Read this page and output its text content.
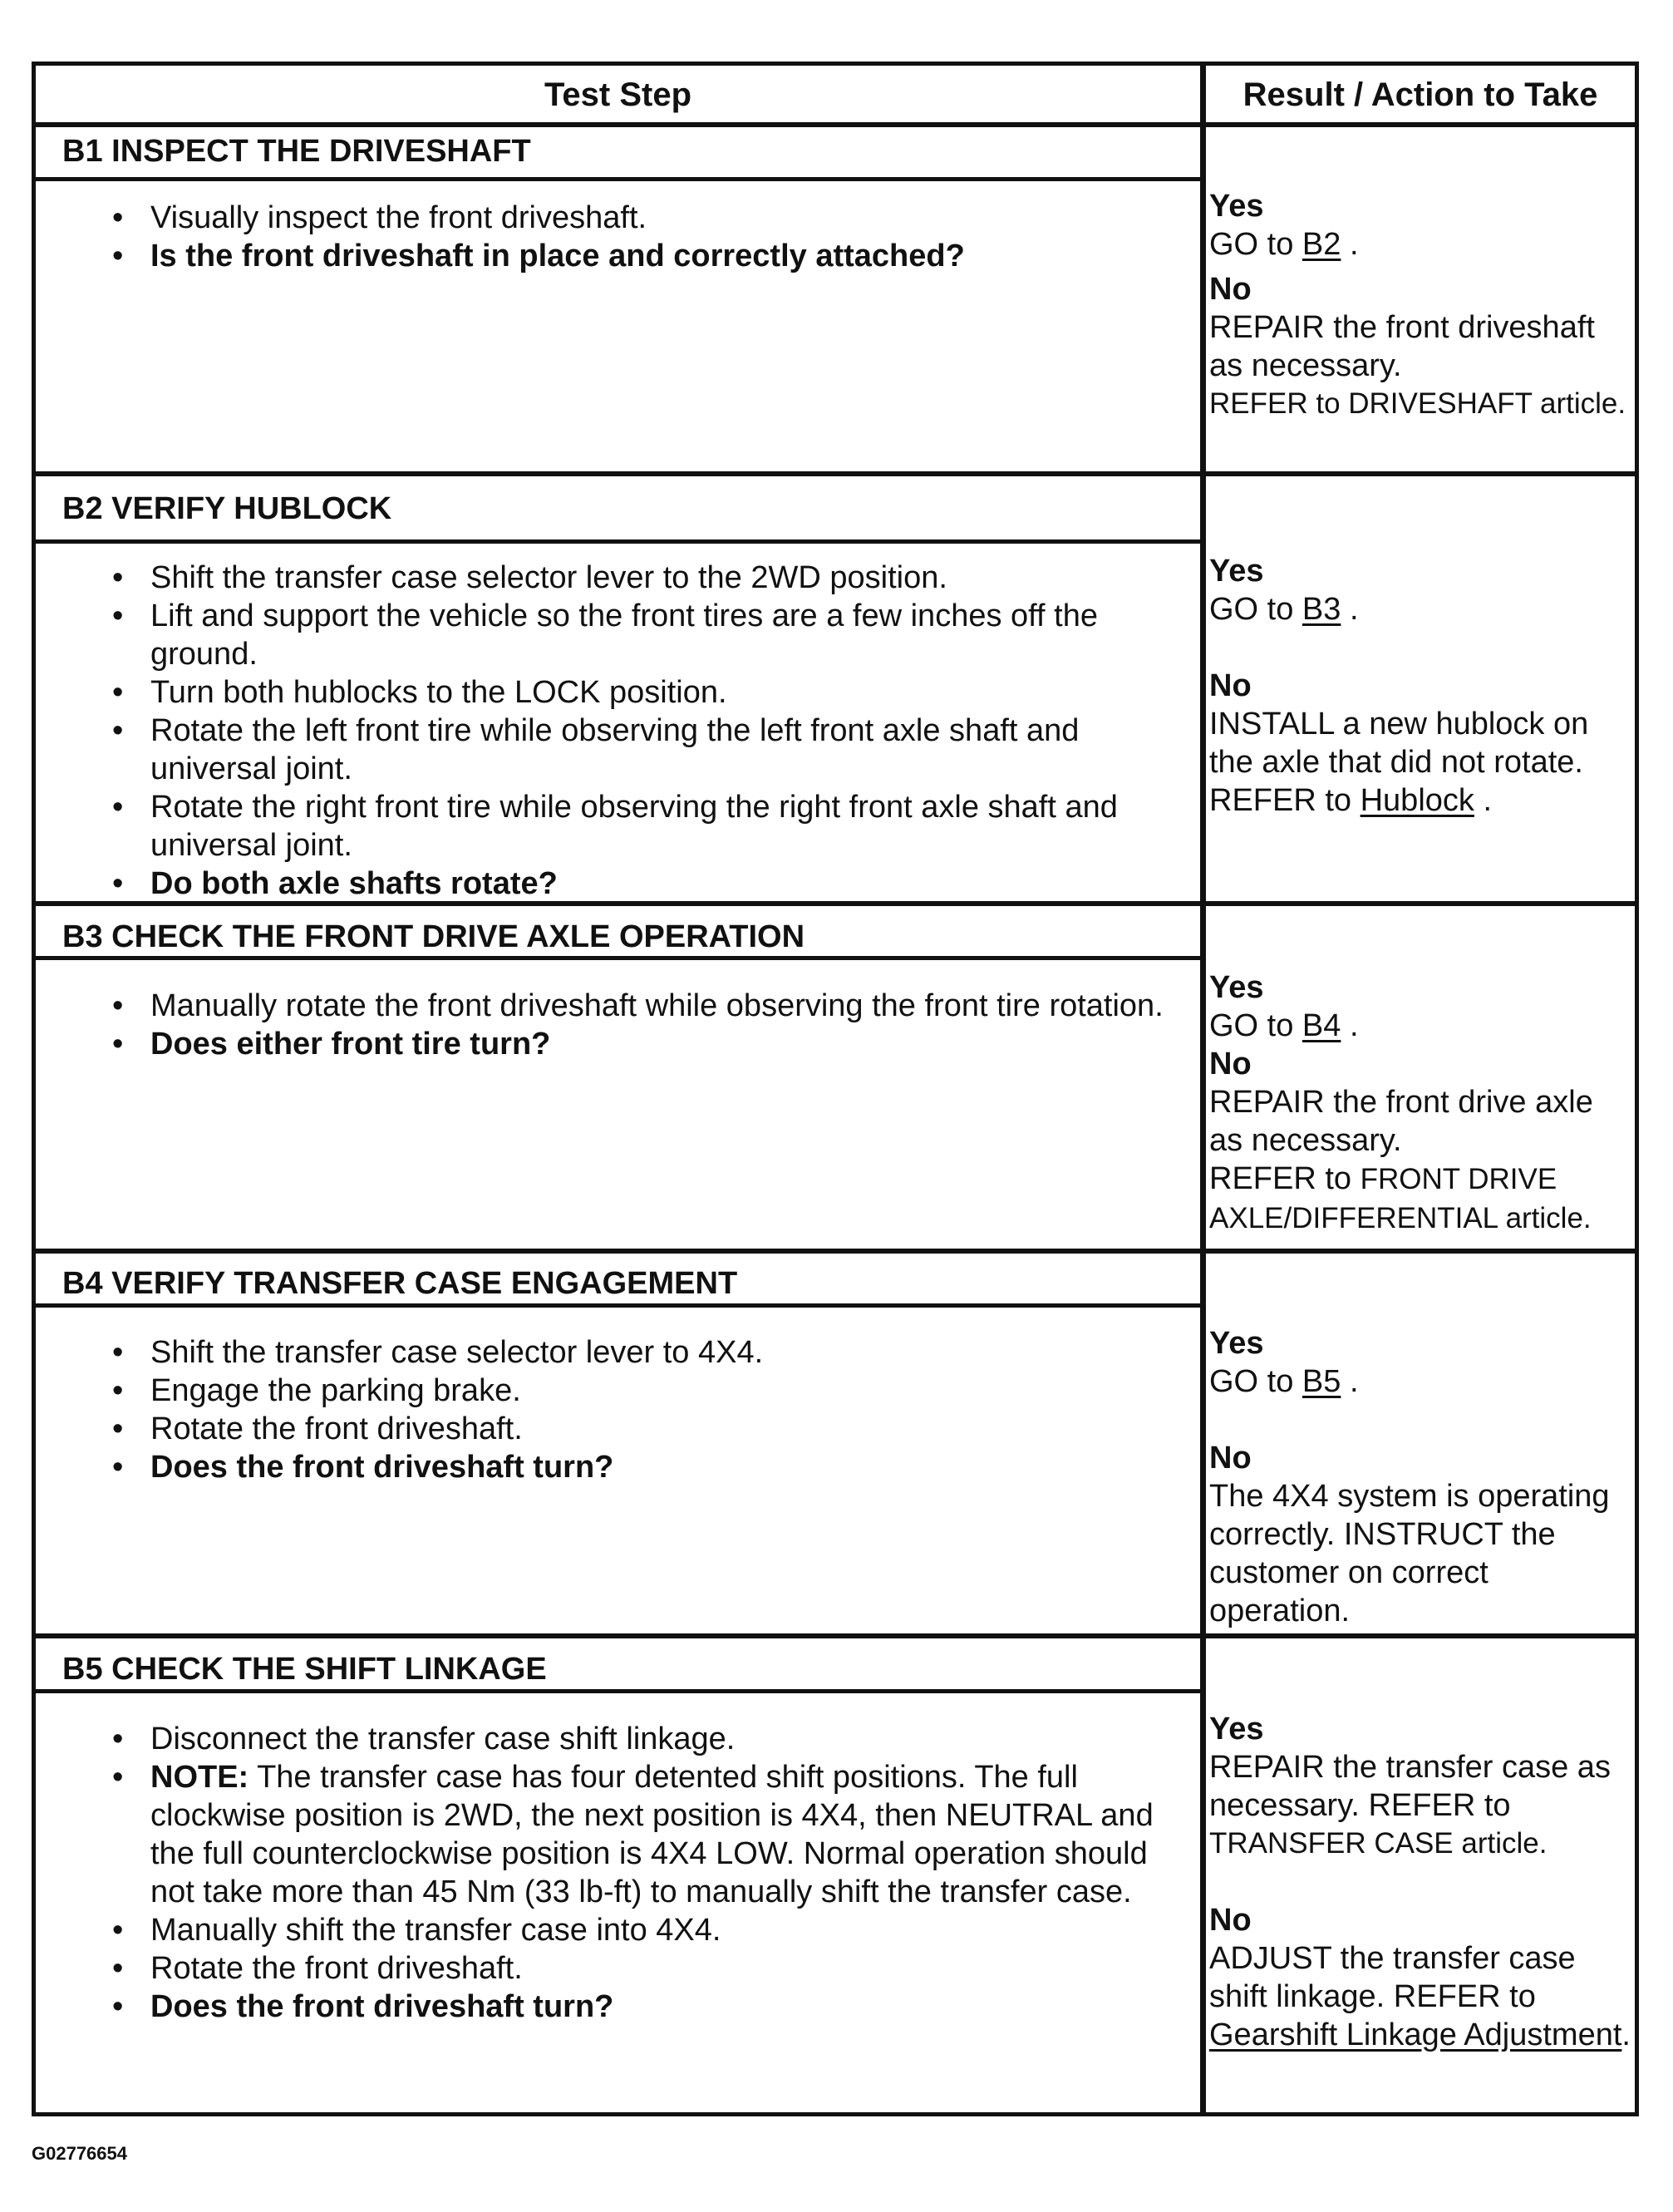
Test Step	Result / Action to Take
B1 INSPECT THE DRIVESHAFT
• Visually inspect the front driveshaft.
• Is the front driveshaft in place and correctly attached?
Yes
GO to B2 .
No
REPAIR the front driveshaft as necessary.
REFER to DRIVESHAFT article.
B2 VERIFY HUBLOCK
• Shift the transfer case selector lever to the 2WD position.
• Lift and support the vehicle so the front tires are a few inches off the ground.
• Turn both hublocks to the LOCK position.
• Rotate the left front tire while observing the left front axle shaft and universal joint.
• Rotate the right front tire while observing the right front axle shaft and universal joint.
• Do both axle shafts rotate?
Yes
GO to B3 .
No
INSTALL a new hublock on the axle that did not rotate.
REFER to Hublock .
B3 CHECK THE FRONT DRIVE AXLE OPERATION
• Manually rotate the front driveshaft while observing the front tire rotation.
• Does either front tire turn?
Yes
GO to B4 .
No
REPAIR the front drive axle as necessary.
REFER to FRONT DRIVE AXLE/DIFFERENTIAL article.
B4 VERIFY TRANSFER CASE ENGAGEMENT
• Shift the transfer case selector lever to 4X4.
• Engage the parking brake.
• Rotate the front driveshaft.
• Does the front driveshaft turn?
Yes
GO to B5 .
No
The 4X4 system is operating correctly. INSTRUCT the customer on correct operation.
B5 CHECK THE SHIFT LINKAGE
• Disconnect the transfer case shift linkage.
• NOTE: The transfer case has four detented shift positions. The full clockwise position is 2WD, the next position is 4X4, then NEUTRAL and the full counterclockwise position is 4X4 LOW. Normal operation should not take more than 45 Nm (33 lb-ft) to manually shift the transfer case.
• Manually shift the transfer case into 4X4.
• Rotate the front driveshaft.
• Does the front driveshaft turn?
Yes
REPAIR the transfer case as necessary. REFER to
TRANSFER CASE article.
No
ADJUST the transfer case shift linkage. REFER to
Gearshift Linkage Adjustment.
G02776654
